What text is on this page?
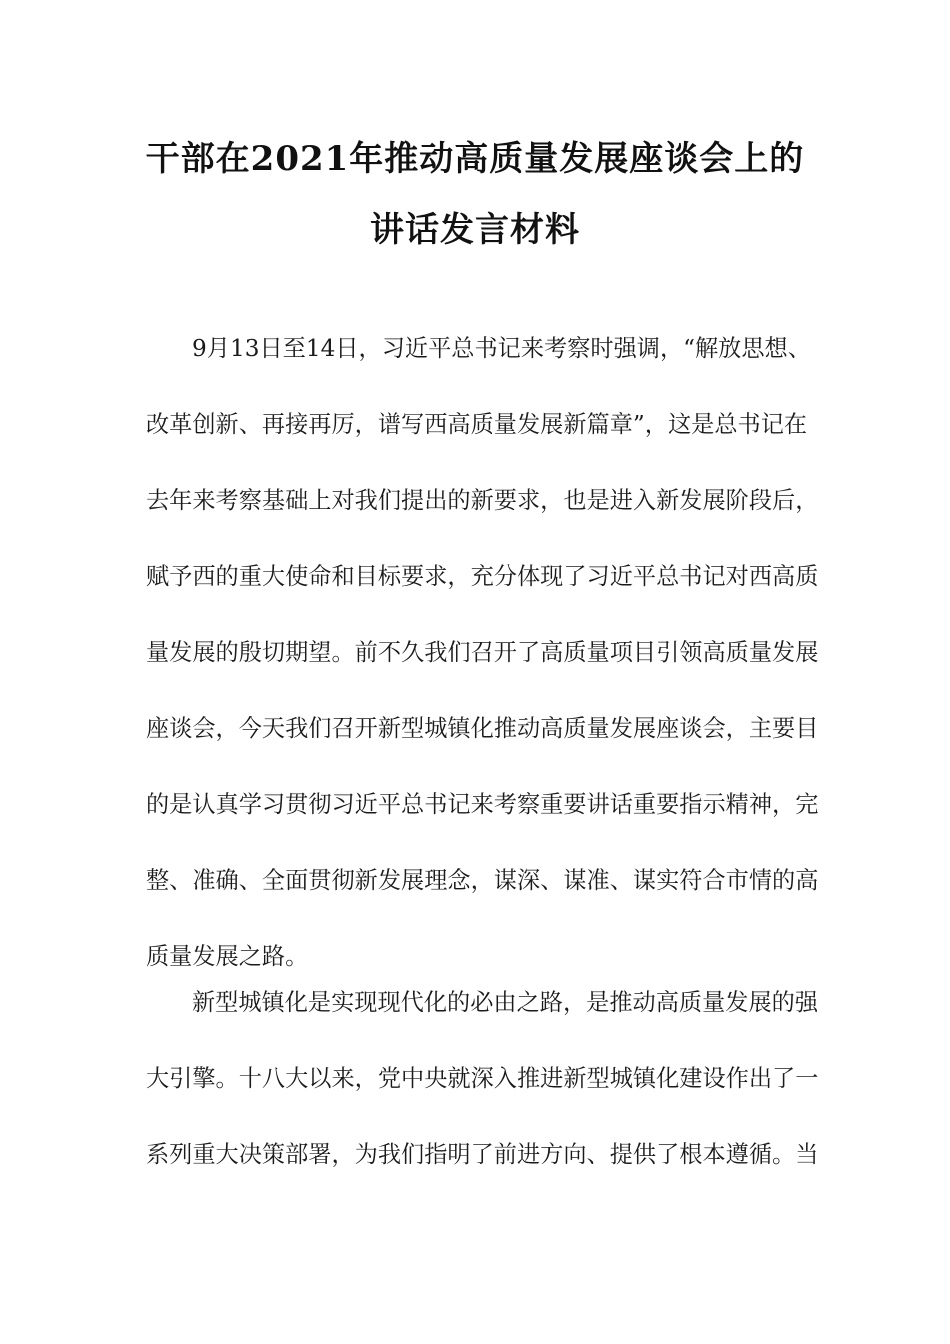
干部在2021年推动高质量发展座谈会上的
讲话发言材料
9月13日至14日，习近平总书记来考察时强调，“解放思想、
改革创新、再接再厉，谱写西高质量发展新篇章”，这是总书记在
去年来考察基础上对我们提出的新要求，也是进入新发展阶段后，
赋予西的重大使命和目标要求，充分体现了习近平总书记对西高质
量发展的殷切期望。前不久我们召开了高质量项目引领高质量发展
座谈会，今天我们召开新型城镇化推动高质量发展座谈会，主要目
的是认真学习贯彻习近平总书记来考察重要讲话重要指示精神，完
整、准确、全面贯彻新发展理念，谋深、谋准、谋实符合市情的高
质量发展之路。
新型城镇化是实现现代化的必由之路，是推动高质量发展的强
大引擎。十八大以来，党中央就深入推进新型城镇化建设作出了一
系列重大决策部署，为我们指明了前进方向、提供了根本遵循。当
